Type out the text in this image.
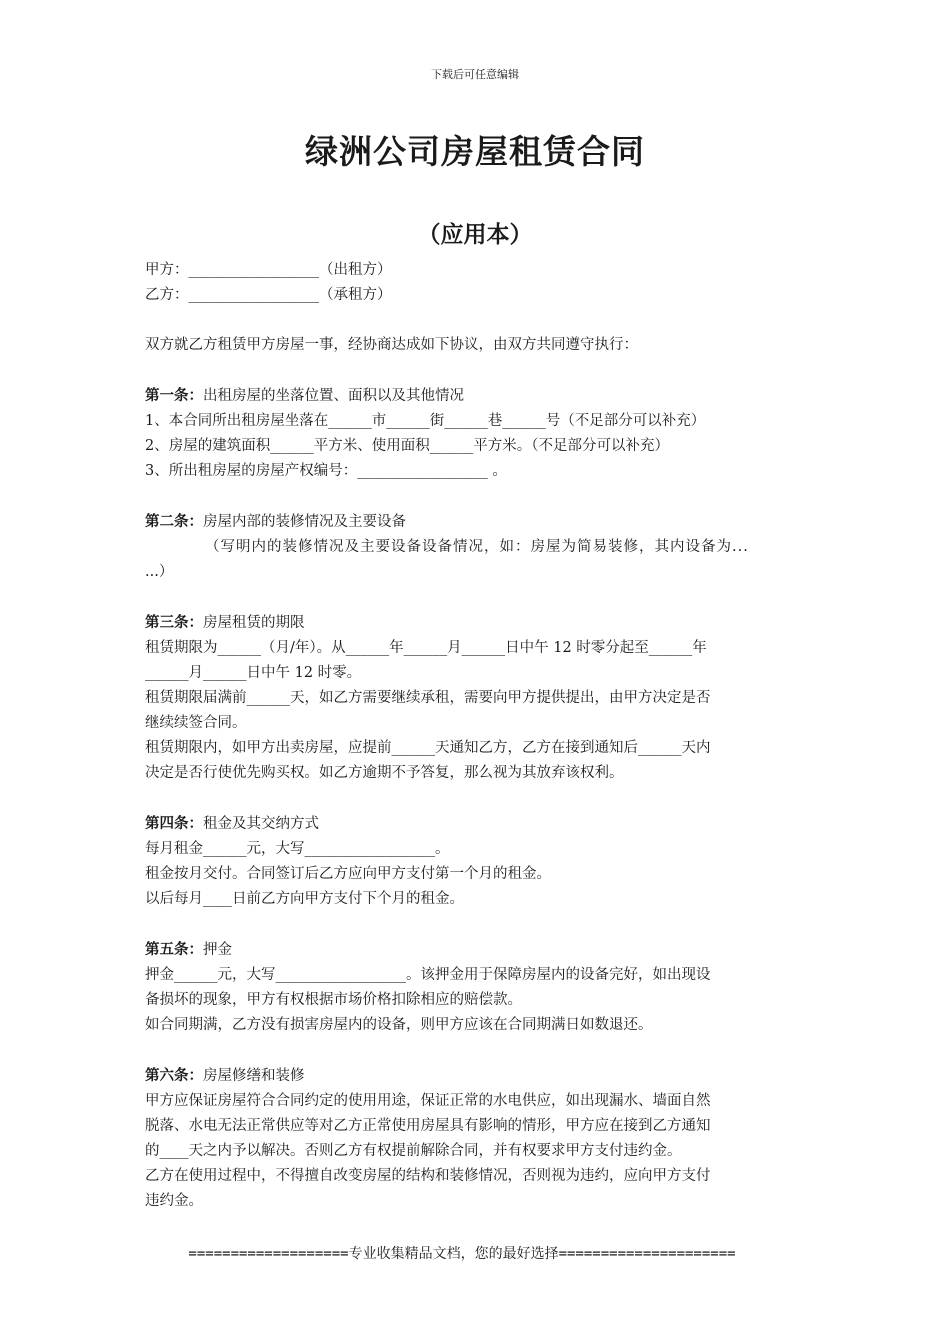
下载后可任意编辑
绿洲公司房屋租赁合同
（应用本）
甲方：__________________（出租方）
乙方：__________________（承租方）
双方就乙方租赁甲方房屋一事，经协商达成如下协议，由双方共同遵守执行：
第一条：出租房屋的坐落位置、面积以及其他情况
1、本合同所出租房屋坐落在______市______街______巷______号（不足部分可以补充）
2、房屋的建筑面积______平方米、使用面积______平方米。（不足部分可以补充）
3、所出租房屋的房屋产权编号：__________________ 。
第二条：房屋内部的装修情况及主要设备
（写明内的装修情况及主要设备设备情况，如：房屋为简易装修，其内设备为...
...）
第三条：房屋租赁的期限
租赁期限为______（月/年）。从______年______月______日中午 12 时零分起至______年
______月______日中午 12 时零。
租赁期限届满前______天，如乙方需要继续承租，需要向甲方提供提出，由甲方决定是否
继续续签合同。
租赁期限内，如甲方出卖房屋，应提前______天通知乙方，乙方在接到通知后______天内
决定是否行使优先购买权。如乙方逾期不予答复，那么视为其放弃该权利。
第四条：租金及其交纳方式
每月租金______元，大写__________________。
租金按月交付。合同签订后乙方应向甲方支付第一个月的租金。
以后每月____日前乙方向甲方支付下个月的租金。
第五条：押金
押金______元，大写__________________。该押金用于保障房屋内的设备完好，如出现设
备损坏的现象，甲方有权根据市场价格扣除相应的赔偿款。
如合同期满，乙方没有损害房屋内的设备，则甲方应该在合同期满日如数退还。
第六条：房屋修缮和装修
甲方应保证房屋符合合同约定的使用用途，保证正常的水电供应，如出现漏水、墙面自然
脱落、水电无法正常供应等对乙方正常使用房屋具有影响的情形，甲方应在接到乙方通知
的____天之内予以解决。否则乙方有权提前解除合同，并有权要求甲方支付违约金。
乙方在使用过程中，不得擅自改变房屋的结构和装修情况，否则视为违约，应向甲方支付
违约金。
===================专业收集精品文档，您的最好选择=====================
